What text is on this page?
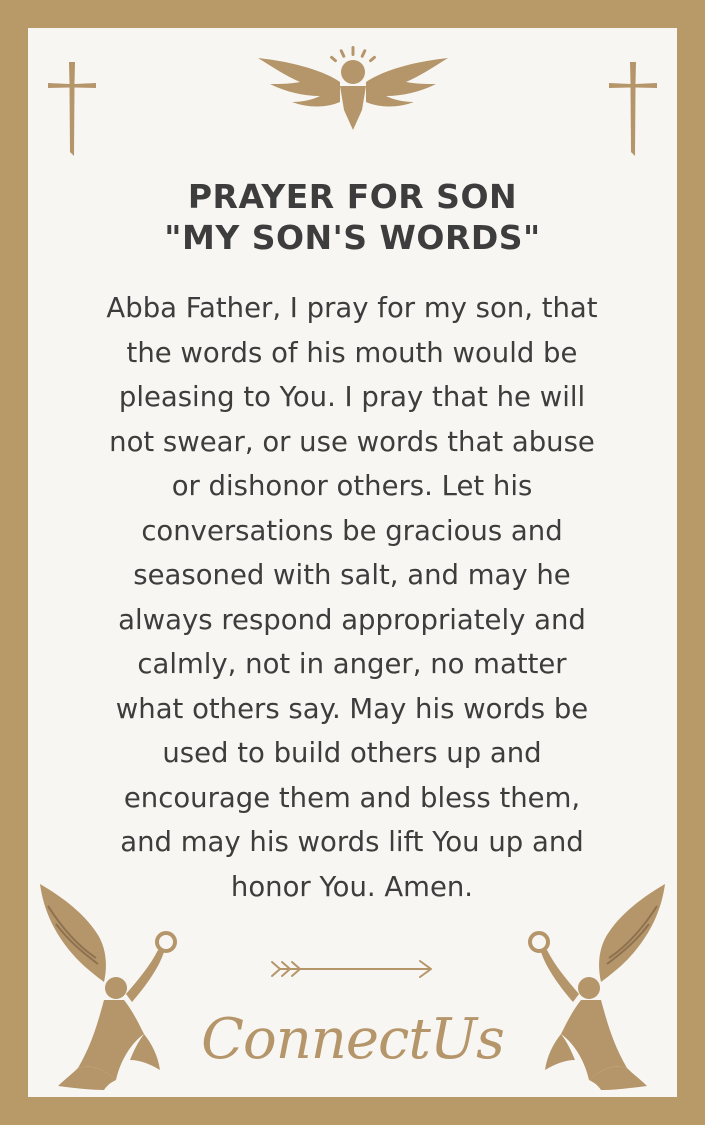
PRAYER FOR SON
"MY SON'S WORDS"
Abba Father, I pray for my son, that
the words of his mouth would be
pleasing to You. I pray that he will
not swear, or use words that abuse
or dishonor others. Let his
conversations be gracious and
seasoned with salt, and may he
always respond appropriately and
calmly, not in anger, no matter
what others say. May his words be
used to build others up and
encourage them and bless them,
and may his words lift You up and
honor You. Amen.
ConnectUs
